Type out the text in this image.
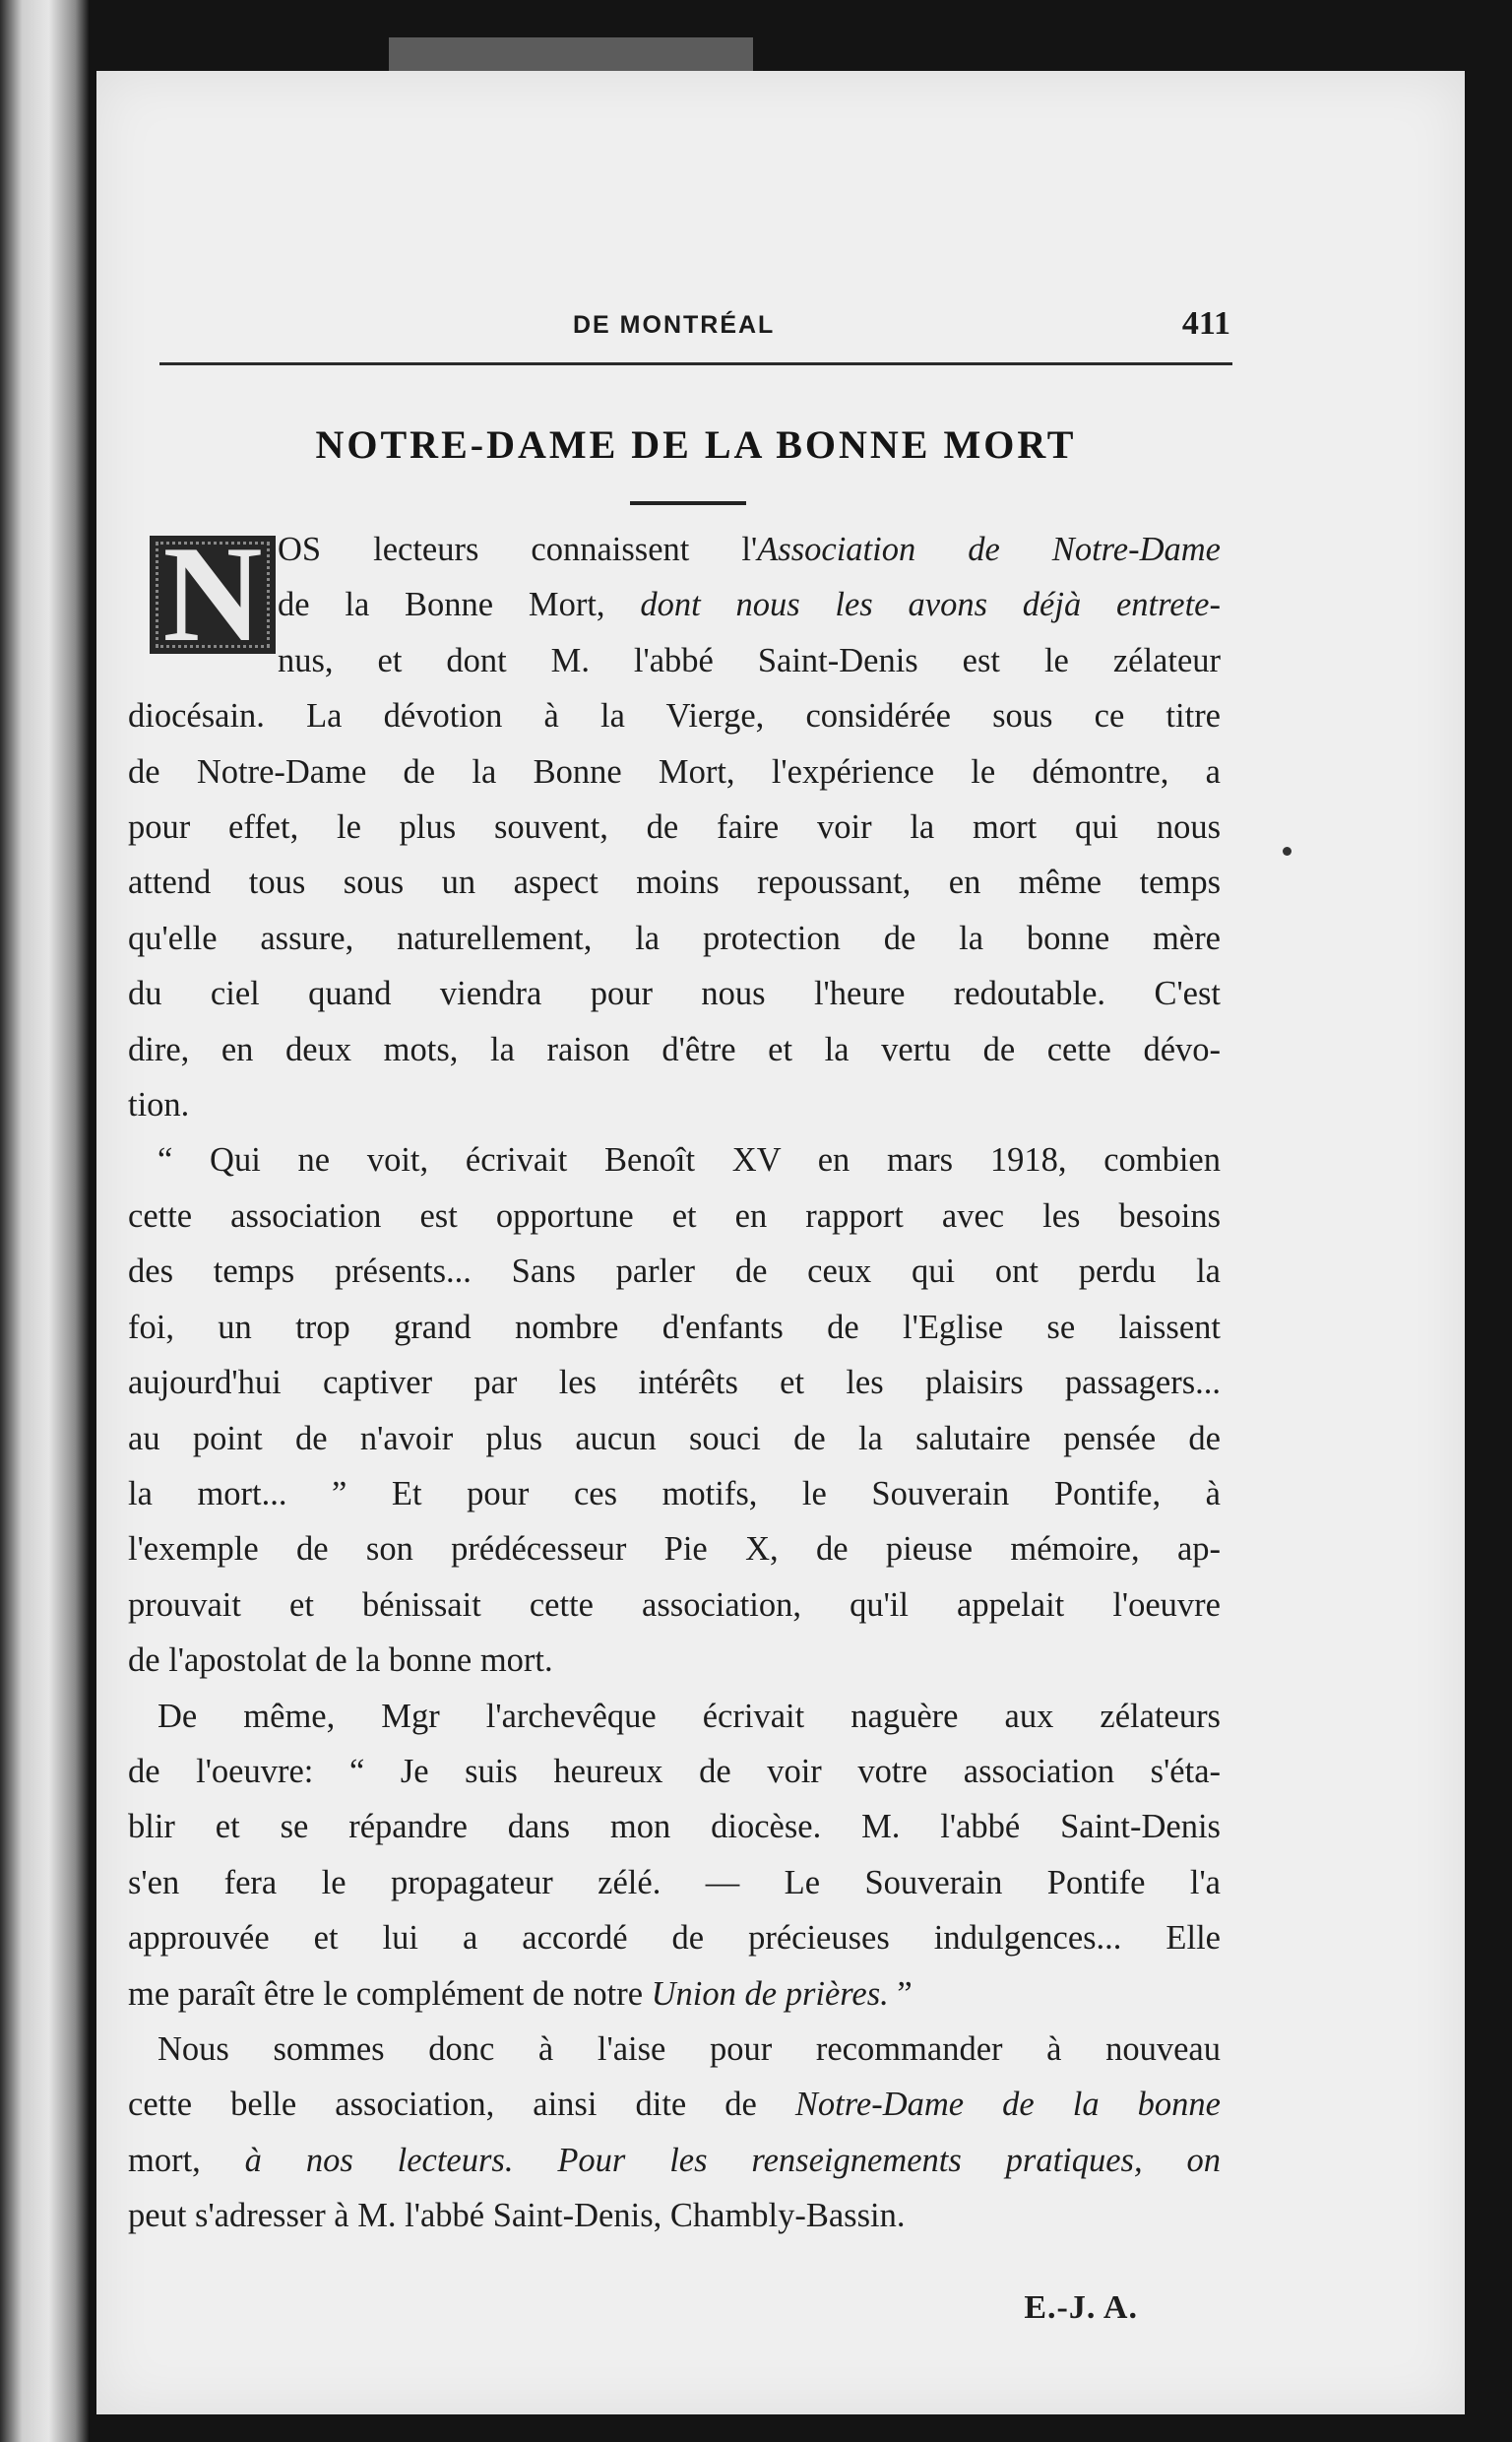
DE MONTRÉAL	411
NOTRE-DAME DE LA BONNE MORT
N OS lecteurs connaissent l'Association de Notre-Dame
de la Bonne Mort, dont nous les avons déjà entrete-
nus, et dont M. l'abbé Saint-Denis est le zélateur
diocésain. La dévotion à la Vierge, considérée sous ce titre
de Notre-Dame de la Bonne Mort, l'expérience le démontre, a
pour effet, le plus souvent, de faire voir la mort qui nous
attend tous sous un aspect moins repoussant, en même temps
qu'elle assure, naturellement, la protection de la bonne mère
du ciel quand viendra pour nous l'heure redoutable. C'est
dire, en deux mots, la raison d'être et la vertu de cette dévo-
tion.
“ Qui ne voit, écrivait Benoît XV en mars 1918, combien
cette association est opportune et en rapport avec les besoins
des temps présents... Sans parler de ceux qui ont perdu la
foi, un trop grand nombre d'enfants de l'Eglise se laissent
aujourd'hui captiver par les intérêts et les plaisirs passagers...
au point de n'avoir plus aucun souci de la salutaire pensée de
la mort... ” Et pour ces motifs, le Souverain Pontife, à
l'exemple de son prédécesseur Pie X, de pieuse mémoire, ap-
prouvait et bénissait cette association, qu'il appelait l'oeuvre
de l'apostolat de la bonne mort.
De même, Mgr l'archevêque écrivait naguère aux zélateurs
de l'oeuvre: “ Je suis heureux de voir votre association s'éta-
blir et se répandre dans mon diocèse. M. l'abbé Saint-Denis
s'en fera le propagateur zélé. — Le Souverain Pontife l'a
approuvée et lui a accordé de précieuses indulgences... Elle
me paraît être le complément de notre Union de prières. ”
Nous sommes donc à l'aise pour recommander à nouveau
cette belle association, ainsi dite de Notre-Dame de la bonne
mort, à nos lecteurs. Pour les renseignements pratiques, on
peut s'adresser à M. l'abbé Saint-Denis, Chambly-Bassin.
E.-J. A.
